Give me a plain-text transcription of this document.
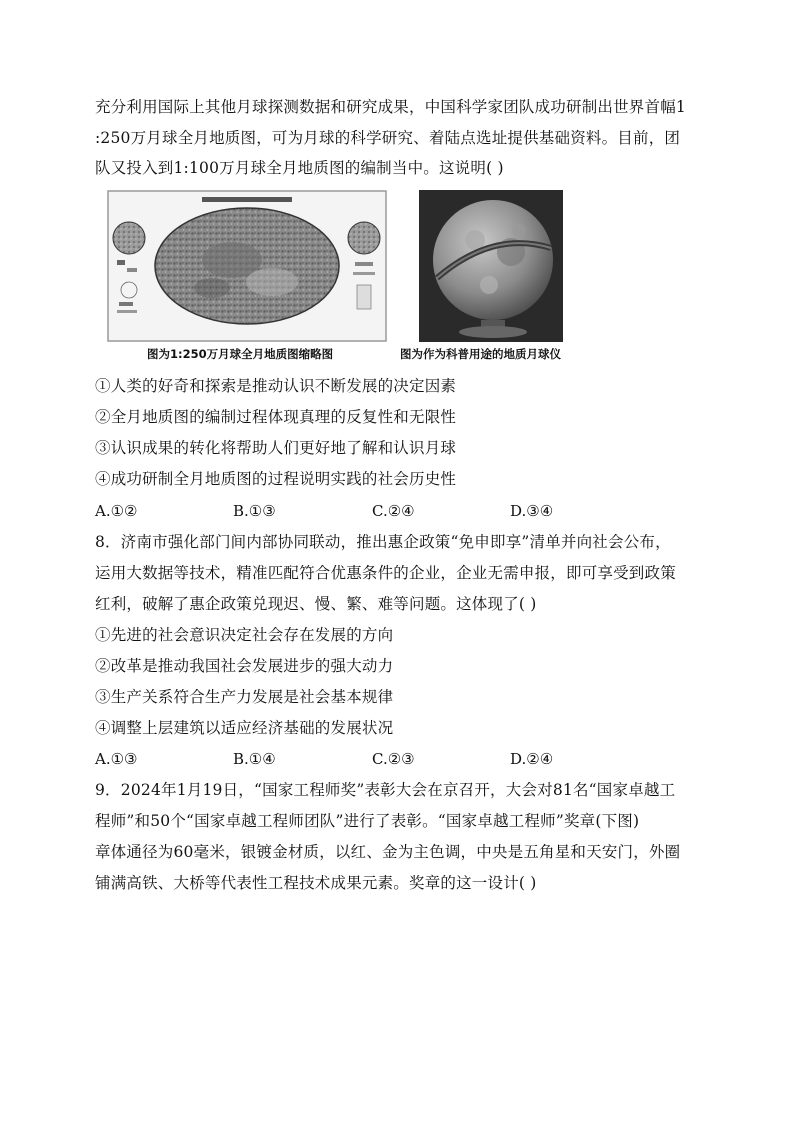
充分利用国际上其他月球探测数据和研究成果，中国科学家团队成功研制出世界首幅1
:250万月球全月地质图，可为月球的科学研究、着陆点选址提供基础资料。目前，团
队又投入到1:100万月球全月地质图的编制当中。这说明( )
图为1:250万月球全月地质图缩略图	图为作为科普用途的地质月球仪
①人类的好奇和探索是推动认识不断发展的决定因素
②全月地质图的编制过程体现真理的反复性和无限性
③认识成果的转化将帮助人们更好地了解和认识月球
④成功研制全月地质图的过程说明实践的社会历史性
A.①②	B.①③	C.②④	D.③④
8．济南市强化部门间内部协同联动，推出惠企政策“免申即享”清单并向社会公布，
运用大数据等技术，精准匹配符合优惠条件的企业，企业无需申报，即可享受到政策
红利，破解了惠企政策兑现迟、慢、繁、难等问题。这体现了( )
①先进的社会意识决定社会存在发展的方向
②改革是推动我国社会发展进步的强大动力
③生产关系符合生产力发展是社会基本规律
④调整上层建筑以适应经济基础的发展状况
A.①③	B.①④	C.②③	D.②④
9．2024年1月19日，“国家工程师奖”表彰大会在京召开，大会对81名“国家卓越工
程师”和50个“国家卓越工程师团队”进行了表彰。“国家卓越工程师”奖章(下图)
章体通径为60毫米，银镀金材质，以红、金为主色调，中央是五角星和天安门，外圈
铺满高铁、大桥等代表性工程技术成果元素。奖章的这一设计( )
